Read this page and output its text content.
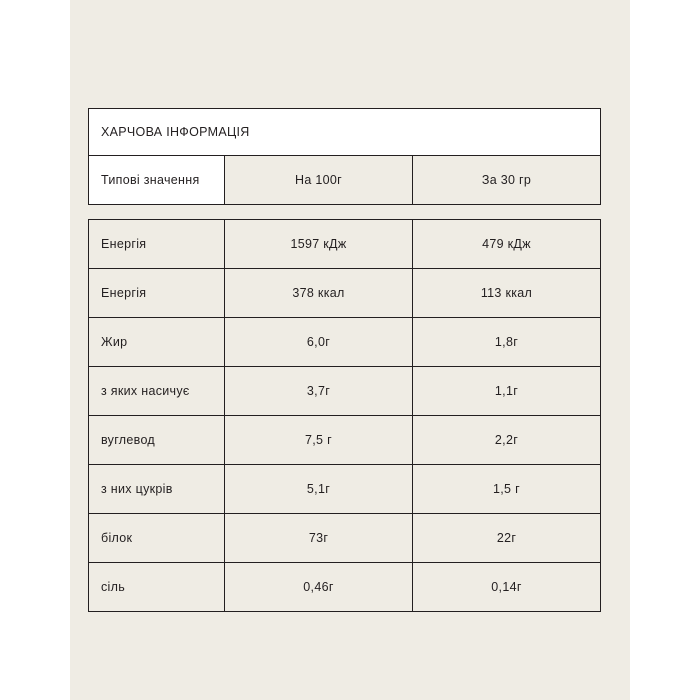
ХАРЧОВА ІНФОРМАЦІЯ
Типові значення	На 100г	За 30 гр
Енергія	1597 кДж	479 кДж
Енергія	378 ккал	113 ккал
Жир	6,0г	1,8г
з яких насичує	3,7г	1,1г
вуглевод	7,5 г	2,2г
з них цукрів	5,1г	1,5 г
білок	73г	22г
сіль	0,46г	0,14г
